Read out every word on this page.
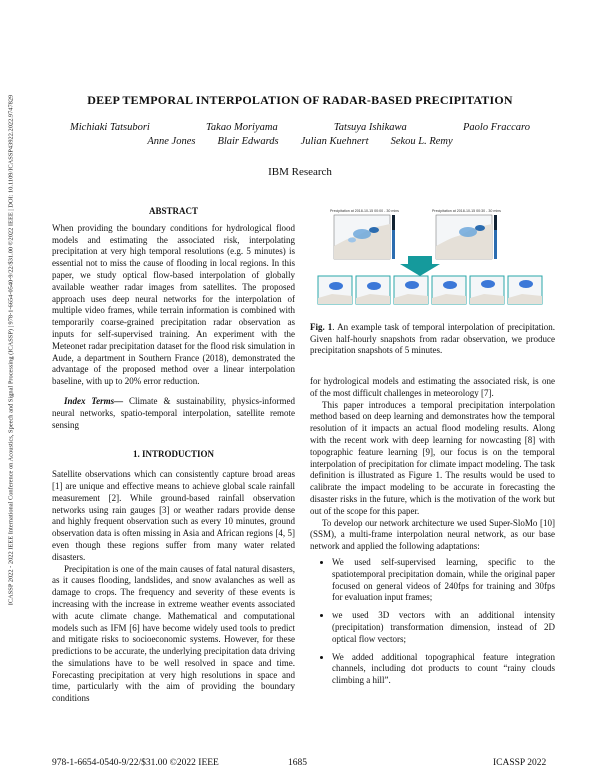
ICASSP 2022 - 2022 IEEE International Conference on Acoustics, Speech and Signal Processing (ICASSP) | 978-1-6654-0540-9/22/$31.00 ©2022 IEEE | DOI: 10.1109/ICASSP43922.2022.9747829	DEEP TEMPORAL INTERPOLATION OF RADAR-BASED PRECIPITATION
Michiaki Tatsubori	Takao Moriyama	Tatsuya Ishikawa	Paolo Fraccaro
Anne Jones Blair Edwards Julian Kuehnert Sekou L. Remy
IBM Research

ABSTRACT

When providing the boundary conditions for hydrological flood models and estimating the associated risk, interpolating precipitation at very high temporal resolutions (e.g. 5 minutes) is essential not to miss the cause of flooding in local regions. In this paper, we study optical flow-based interpolation of globally available weather radar images from satellites. The proposed approach uses deep neural networks for the interpolation of multiple video frames, while terrain information is combined with temporarily coarse-grained precipitation radar observation as inputs for self-supervised training. An experiment with the Meteonet radar precipitation dataset for the flood risk simulation in Aude, a department in Southern France (2018), demonstrated the advantage of the proposed method over a linear interpolation baseline, with up to 20% error reduction.

Index Terms— Climate & sustainability, physics-informed neural networks, spatio-temporal interpolation, satellite remote sensing

1. INTRODUCTION

Satellite observations which can consistently capture broad areas [1] are unique and effective means to achieve global scale rainfall measurement [2]. While ground-based rainfall observation networks using rain gauges [3] or weather radars provide dense and highly frequent observation such as every 10 minutes, ground observation data is often missing in Asia and African regions [4, 5] even though these regions suffer from many water related disasters.

Precipitation is one of the main causes of fatal natural disasters, as it causes flooding, landslides, and snow avalanches as well as damage to crops. The frequency and severity of these events is increasing with the increase in extreme weather events associated with acute climate change. Mathematical and computational models such as IFM [6] have become widely used tools to predict and mitigate risks to socioeconomic systems. However, for these predictions to be accurate, the underlying precipitation data driving the simulations have to be well resolved in space and time. Forecasting precipitation at very high resolutions in space and time, particularly with the aim of providing the boundary conditions

Precipitation at 2018-10-15 00:00 - 30 mins	Precipitation at 2018-10-15 00:30 - 30 mins
Fig. 1. An example task of temporal interpolation of precipitation. Given half-hourly snapshots from radar observation, we produce precipitation snapshots of 5 minutes.

for hydrological models and estimating the associated risk, is one of the most difficult challenges in meteorology [7].

This paper introduces a temporal precipitation interpolation method based on deep learning and demonstrates how the temporal resolution of it impacts an actual flood modeling results. Along with the recent work with deep learning for nowcasting [8] with topographic feature learning [9], our focus is on the temporal interpolation of precipitation for climate impact modeling. The task definition is illustrated as Figure 1. The results would be used to calibrate the impact modeling to be accurate in forecasting the disaster risks in the future, which is the motivation of the work but out of the scope for this paper.

To develop our network architecture we used Super-SloMo [10] (SSM), a multi-frame interpolation neural network, as our base network and applied the following adaptations:

• We used self-supervised learning, specific to the spatiotemporal precipitation domain, while the original paper focused on general videos of 240fps for training and 30fps for evaluation input frames;
• we used 3D vectors with an additional intensity (precipitation) transformation dimension, instead of 2D optical flow vectors;
• We added additional topographical feature integration channels, including dot products to count “rainy clouds climbing a hill”.
978-1-6654-0540-9/22/$31.00 ©2022 IEEE	1685	ICASSP 2022
